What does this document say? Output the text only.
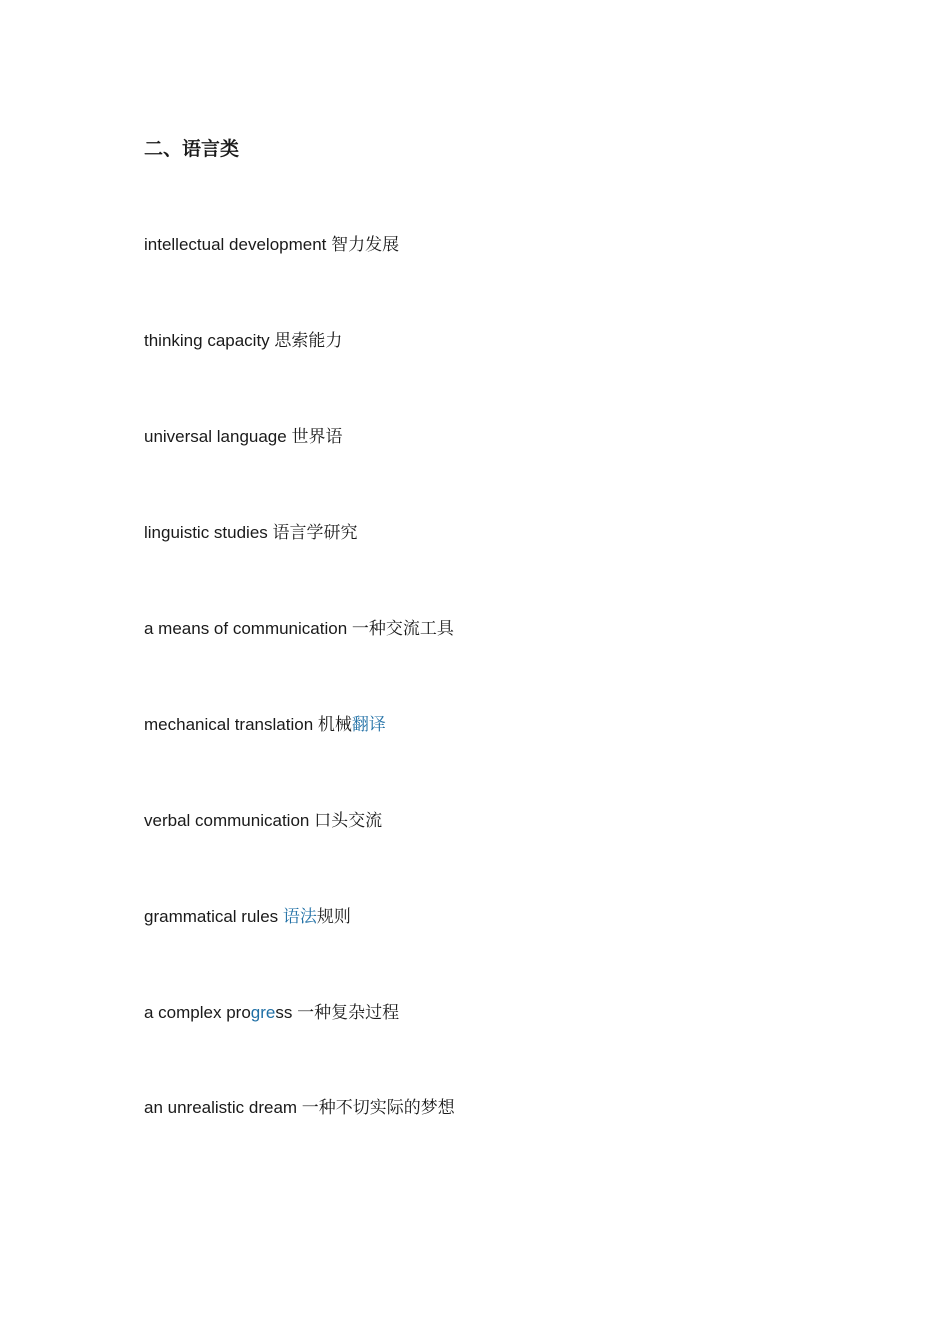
二、语言类
intellectual development 智力发展
thinking capacity 思索能力
universal language 世界语
linguistic studies 语言学研究
a means of communication 一种交流工具
mechanical translation 机械翻译
verbal communication 口头交流
grammatical rules 语法规则
a complex progress 一种复杂过程
an unrealistic dream 一种不切实际的梦想
